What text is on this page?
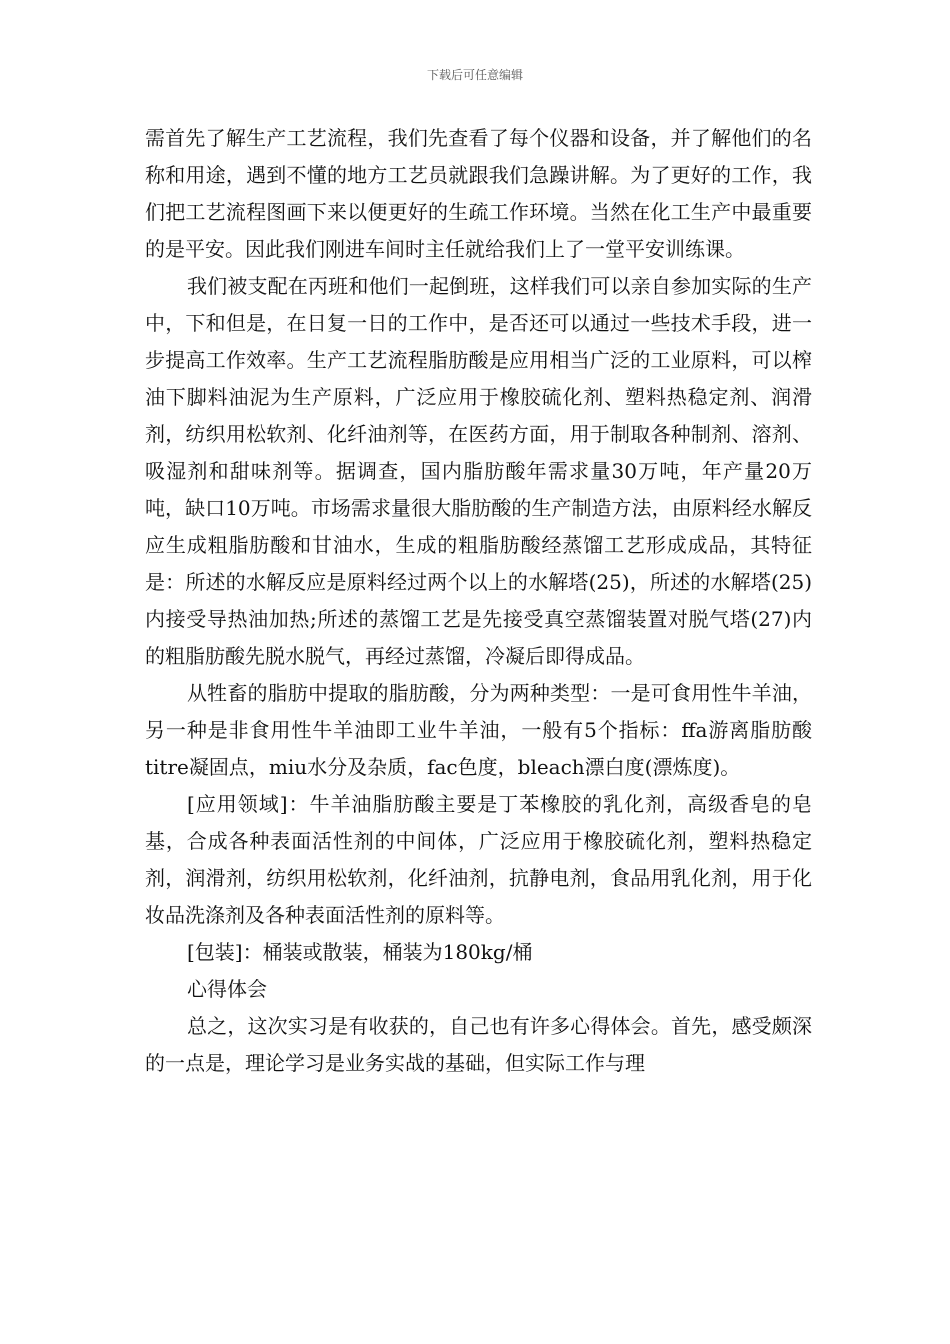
下载后可任意编辑

需首先了解生产工艺流程，我们先查看了每个仪器和设备，并了解他们的名称和用途，遇到不懂的地方工艺员就跟我们急躁讲解。为了更好的工作，我们把工艺流程图画下来以便更好的生疏工作环境。当然在化工生产中最重要的是平安。因此我们刚进车间时主任就给我们上了一堂平安训练课。

我们被支配在丙班和他们一起倒班，这样我们可以亲自参加实际的生产中，下和但是，在日复一日的工作中，是否还可以通过一些技术手段，进一步提高工作效率。生产工艺流程脂肪酸是应用相当广泛的工业原料，可以榨油下脚料油泥为生产原料，广泛应用于橡胶硫化剂、塑料热稳定剂、润滑剂，纺织用松软剂、化纤油剂等，在医药方面，用于制取各种制剂、溶剂、吸湿剂和甜味剂等。据调查，国内脂肪酸年需求量30万吨，年产量20万吨，缺口10万吨。市场需求量很大脂肪酸的生产制造方法，由原料经水解反应生成粗脂肪酸和甘油水，生成的粗脂肪酸经蒸馏工艺形成成品，其特征是：所述的水解反应是原料经过两个以上的水解塔(25)，所述的水解塔(25)内接受导热油加热;所述的蒸馏工艺是先接受真空蒸馏装置对脱气塔(27)内的粗脂肪酸先脱水脱气，再经过蒸馏，冷凝后即得成品。

从牲畜的脂肪中提取的脂肪酸，分为两种类型：一是可食用性牛羊油，另一种是非食用性牛羊油即工业牛羊油，一般有5个指标：ffa游离脂肪酸titre凝固点，miu水分及杂质，fac色度，bleach漂白度(漂炼度)。

[应用领域]：牛羊油脂肪酸主要是丁苯橡胶的乳化剂，高级香皂的皂基，合成各种表面活性剂的中间体，广泛应用于橡胶硫化剂，塑料热稳定剂，润滑剂，纺织用松软剂，化纤油剂，抗静电剂，食品用乳化剂，用于化妆品洗涤剂及各种表面活性剂的原料等。

[包装]：桶装或散装，桶装为180kg/桶

心得体会

总之，这次实习是有收获的，自己也有许多心得体会。首先，感受颇深的一点是，理论学习是业务实战的基础，但实际工作与理
